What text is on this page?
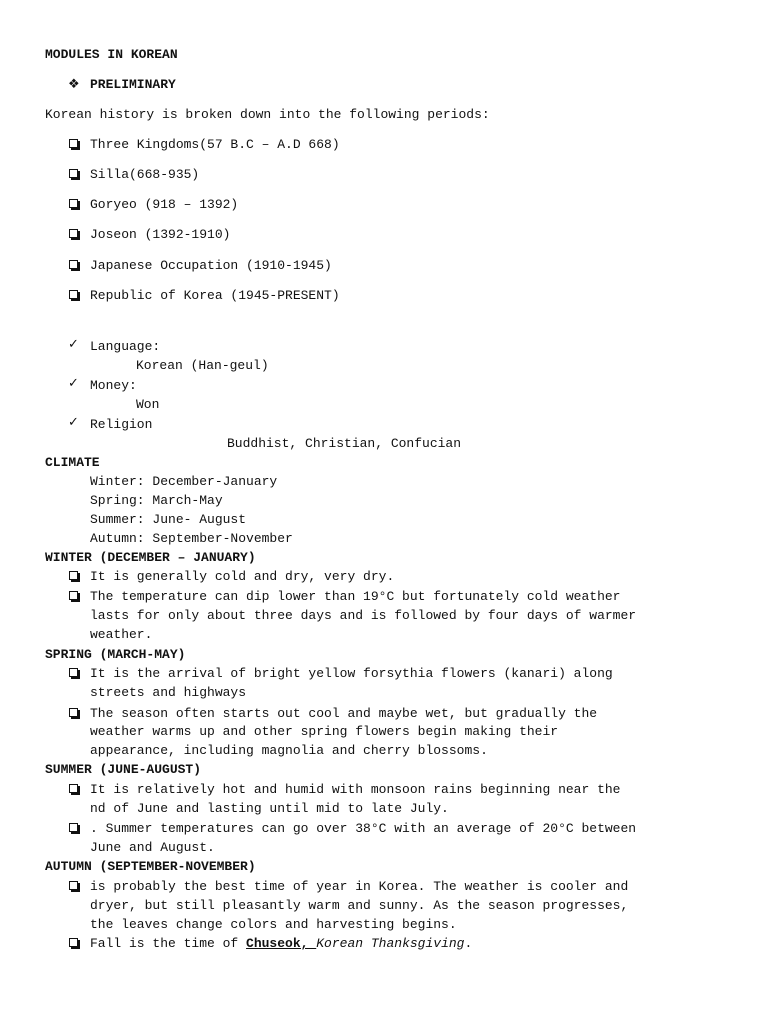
MODULES IN KOREAN
❖ PRELIMINARY
Korean history is broken down into the following periods:
Three Kingdoms(57 B.C – A.D 668)
Silla(668-935)
Goryeo (918 – 1392)
Joseon (1392-1910)
Japanese Occupation (1910-1945)
Republic of Korea (1945-PRESENT)
✓ Language:
Korean (Han-geul)
✓ Money:
Won
✓ Religion
Buddhist, Christian, Confucian
CLIMATE
Winter: December-January
Spring: March-May
Summer: June- August
Autumn: September-November
WINTER (DECEMBER – JANUARY)
It is generally cold and dry, very dry.
The temperature can dip lower than 19°C but fortunately cold weather
lasts for only about three days and is followed by four days of warmer
weather.
SPRING (MARCH-MAY)
It is the arrival of bright yellow forsythia flowers (kanari) along
streets and highways
The season often starts out cool and maybe wet, but gradually the
weather warms up and other spring flowers begin making their
appearance, including magnolia and cherry blossoms.
SUMMER (JUNE-AUGUST)
It is relatively hot and humid with monsoon rains beginning near the
nd of June and lasting until mid to late July.
. Summer temperatures can go over 38°C with an average of 20°C between
June and August.
AUTUMN (SEPTEMBER-NOVEMBER)
is probably the best time of year in Korea. The weather is cooler and
dryer, but still pleasantly warm and sunny. As the season progresses,
the leaves change colors and harvesting begins.
Fall is the time of Chuseok, Korean Thanksgiving.
